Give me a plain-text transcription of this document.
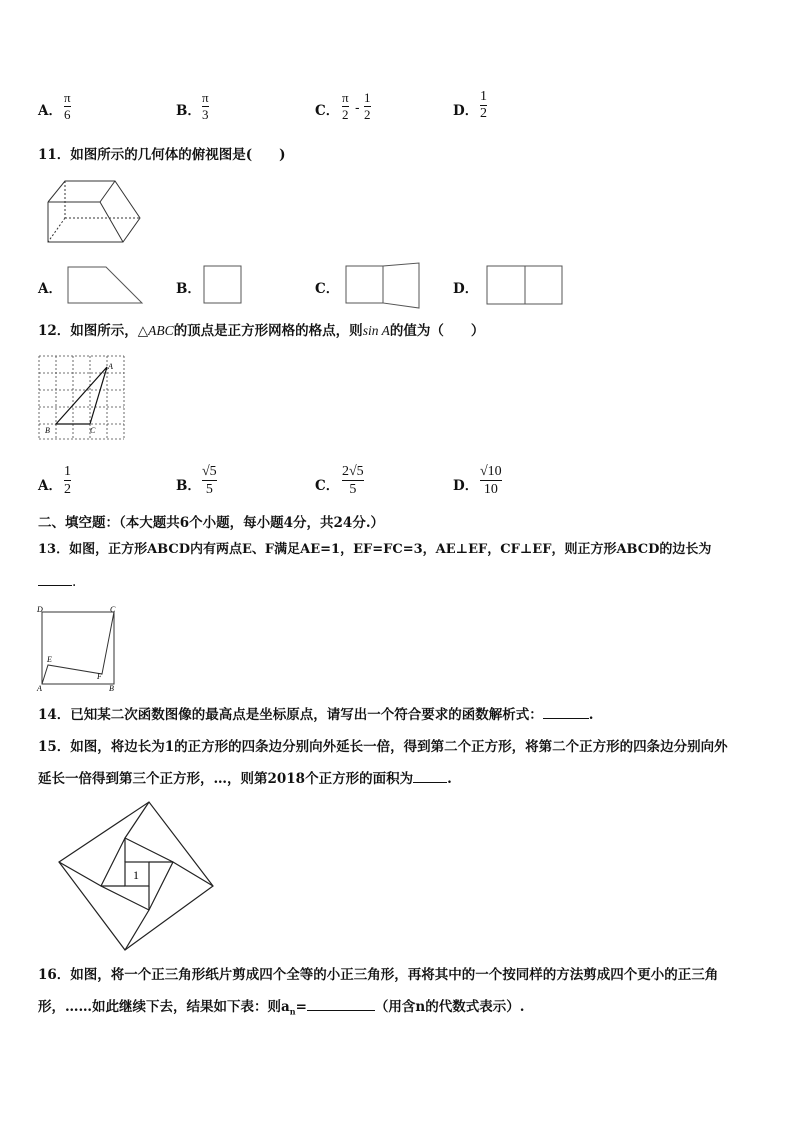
A．
π
6	B．
π
3	C．
π
2 -
1
2	D．
1
2
11．如图所示的几何体的俯视图是(　　)
A．	B．	C．	D．
12．如图所示，△ABC的顶点是正方形网格的格点，则sin A的值为（　　）
A
B	C
A．
1
2	B．
√5
5	C．
2√5
5	D．
√10
10
二、填空题：（本大题共6个小题，每小题4分，共24分.）
13．如图，正方形ABCD内有两点E、F满足AE=1，EF=FC=3，AE⊥EF，CF⊥EF，则正方形ABCD的边长为
.
D	C
E
F
A	B
14．已知某二次函数图像的最高点是坐标原点，请写出一个符合要求的函数解析式：	.
15．如图，将边长为1的正方形的四条边分别向外延长一倍，得到第二个正方形，将第二个正方形的四条边分别向外
延长一倍得到第三个正方形，…，则第2018个正方形的面积为	.
1
16．如图，将一个正三角形纸片剪成四个全等的小正三角形，再将其中的一个按同样的方法剪成四个更小的正三角
形，……如此继续下去，结果如下表：则$a_n=$	（用含n的代数式表示）.
